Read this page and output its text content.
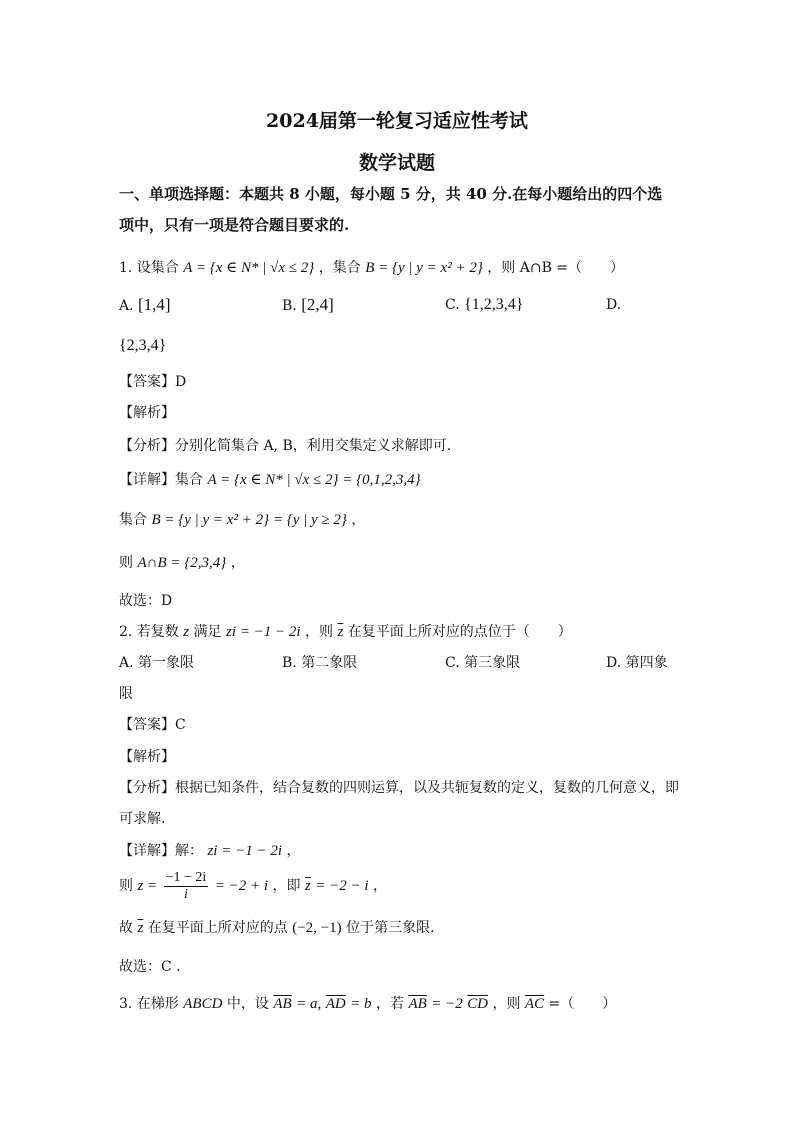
2024届第一轮复习适应性考试
数学试题
一、单项选择题：本题共 8 小题，每小题 5 分，共 40 分.在每小题给出的四个选
项中，只有一项是符合题目要求的.
1. 设集合 A = {x ∈ N* | √x ≤ 2} ，集合 B = {y | y = x² + 2} ，则 A∩B =（　　）
A. [1,4]	B. [2,4]	C. {1,2,3,4}	D.
{2,3,4}
【答案】D
【解析】
【分析】分别化简集合 A, B，利用交集定义求解即可.
【详解】集合 A = {x ∈ N* | √x ≤ 2} = {0,1,2,3,4}
集合 B = {y | y = x² + 2} = {y | y ≥ 2} ，
则 A∩B = {2,3,4} ，
故选：D
2. 若复数 z 满足 zi = −1 − 2i ，则 $\overline{z}$ 在复平面上所对应的点位于（　　）
A. 第一象限	B. 第二象限	C. 第三象限	D. 第四象
限
【答案】C
【解析】
【分析】根据已知条件，结合复数的四则运算，以及共轭复数的定义，复数的几何意义，即
可求解.
【详解】解： zi = −1 − 2i ，
则 $z = \frac{-1 - 2i}{i} = -2 + i$ ，即 $\overline{z} = -2 - i$ ，
故 $\overline{z}$ 在复平面上所对应的点 (−2, −1) 位于第三象限.
故选：C .
3. 在梯形 ABCD 中，设 $\overline{AB} = a$, $\overline{AD} = b$ ，若 $\overline{AB} = -2$ $\overline{CD}$ ，则 $\overline{AC}$ =（　　）
